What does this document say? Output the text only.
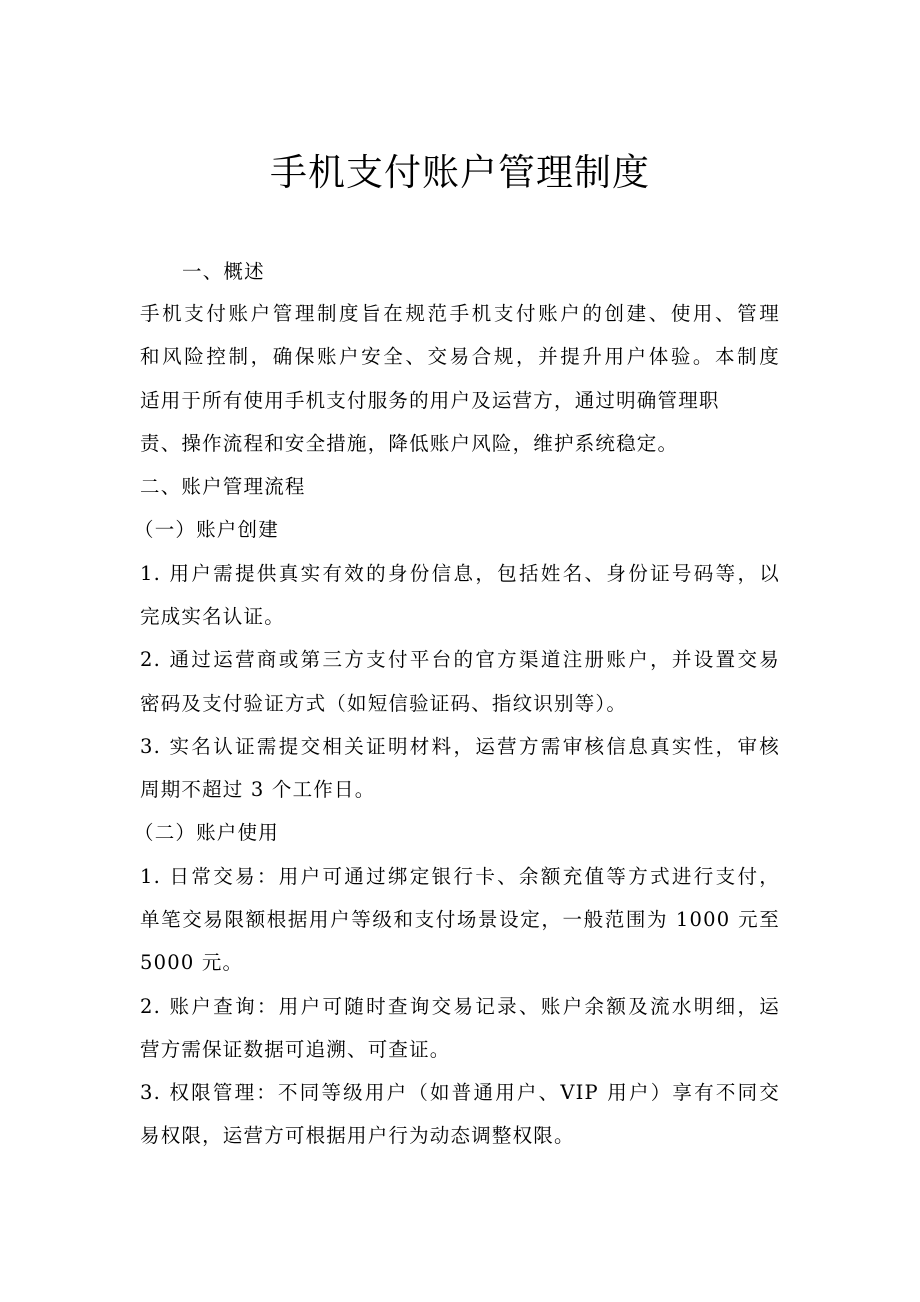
手机支付账户管理制度
一、概述
手机支付账户管理制度旨在规范手机支付账户的创建、使用、管理
和风险控制，确保账户安全、交易合规，并提升用户体验。本制度
适用于所有使用手机支付服务的用户及运营方，通过明确管理职
责、操作流程和安全措施，降低账户风险，维护系统稳定。
二、账户管理流程
（一）账户创建
1. 用户需提供真实有效的身份信息，包括姓名、身份证号码等，以
完成实名认证。
2. 通过运营商或第三方支付平台的官方渠道注册账户，并设置交易
密码及支付验证方式（如短信验证码、指纹识别等）。
3. 实名认证需提交相关证明材料，运营方需审核信息真实性，审核
周期不超过 3 个工作日。
（二）账户使用
1. 日常交易：用户可通过绑定银行卡、余额充值等方式进行支付，
单笔交易限额根据用户等级和支付场景设定，一般范围为 1000 元至
5000 元。
2. 账户查询：用户可随时查询交易记录、账户余额及流水明细，运
营方需保证数据可追溯、可查证。
3. 权限管理：不同等级用户（如普通用户、VIP 用户）享有不同交
易权限，运营方可根据用户行为动态调整权限。
